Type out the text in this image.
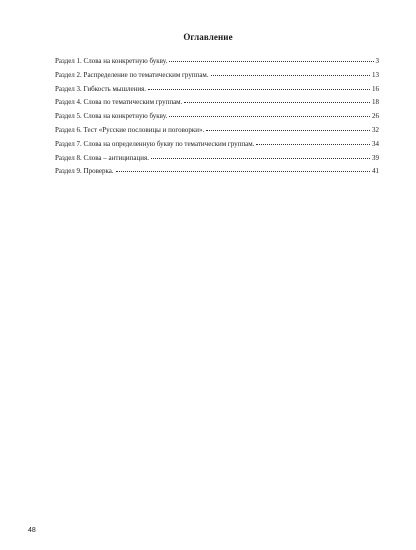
Оглавление
Раздел 1. Слова на конкретную букву.	3
Раздел 2. Распределение по тематическим группам.	13
Раздел 3. Гибкость мышления.	16
Раздел 4. Слова по тематическим группам.	18
Раздел 5. Слова на конкретную букву.	26
Раздел 6. Тест «Русские пословицы и поговорки».	32
Раздел 7. Слова на определенную букву по тематическим группам.	34
Раздел 8. Слова – антиципация.	39
Раздел 9. Проверка.	41
48
